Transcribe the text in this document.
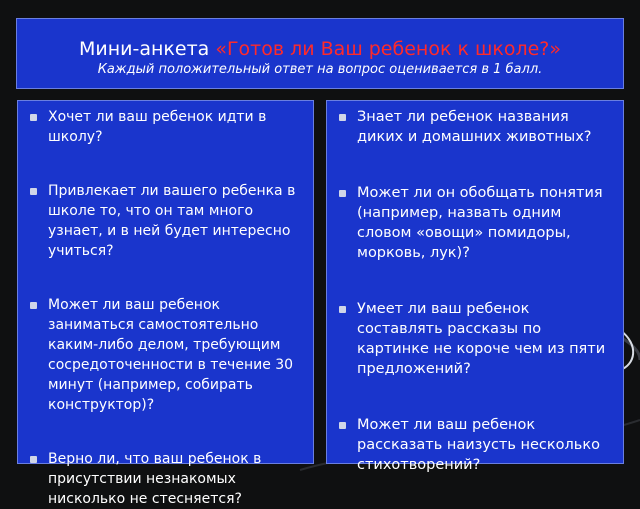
Мини-анкета «Готов ли Ваш ребенок к школе?»
Каждый положительный ответ на вопрос оценивается в 1 балл.
Хочет ли ваш ребенок идти в школу?
Привлекает ли вашего ребенка в школе то, что он там много узнает, и в ней будет интересно учиться?
Может ли ваш ребенок заниматься самостоятельно каким-либо делом, требующим сосредоточенности в течение 30 минут (например, собирать конструктор)?
Верно ли, что ваш ребенок в присутствии незнакомых нисколько не стесняется?
Знает ли ребенок названия диких и домашних животных?
Может ли он обобщать понятия (например, назвать одним словом «овощи» помидоры, морковь, лук)?
Умеет ли ваш ребенок составлять рассказы по картинке не короче чем из пяти предложений?
Может ли ваш ребенок рассказать наизусть несколько стихотворений?
